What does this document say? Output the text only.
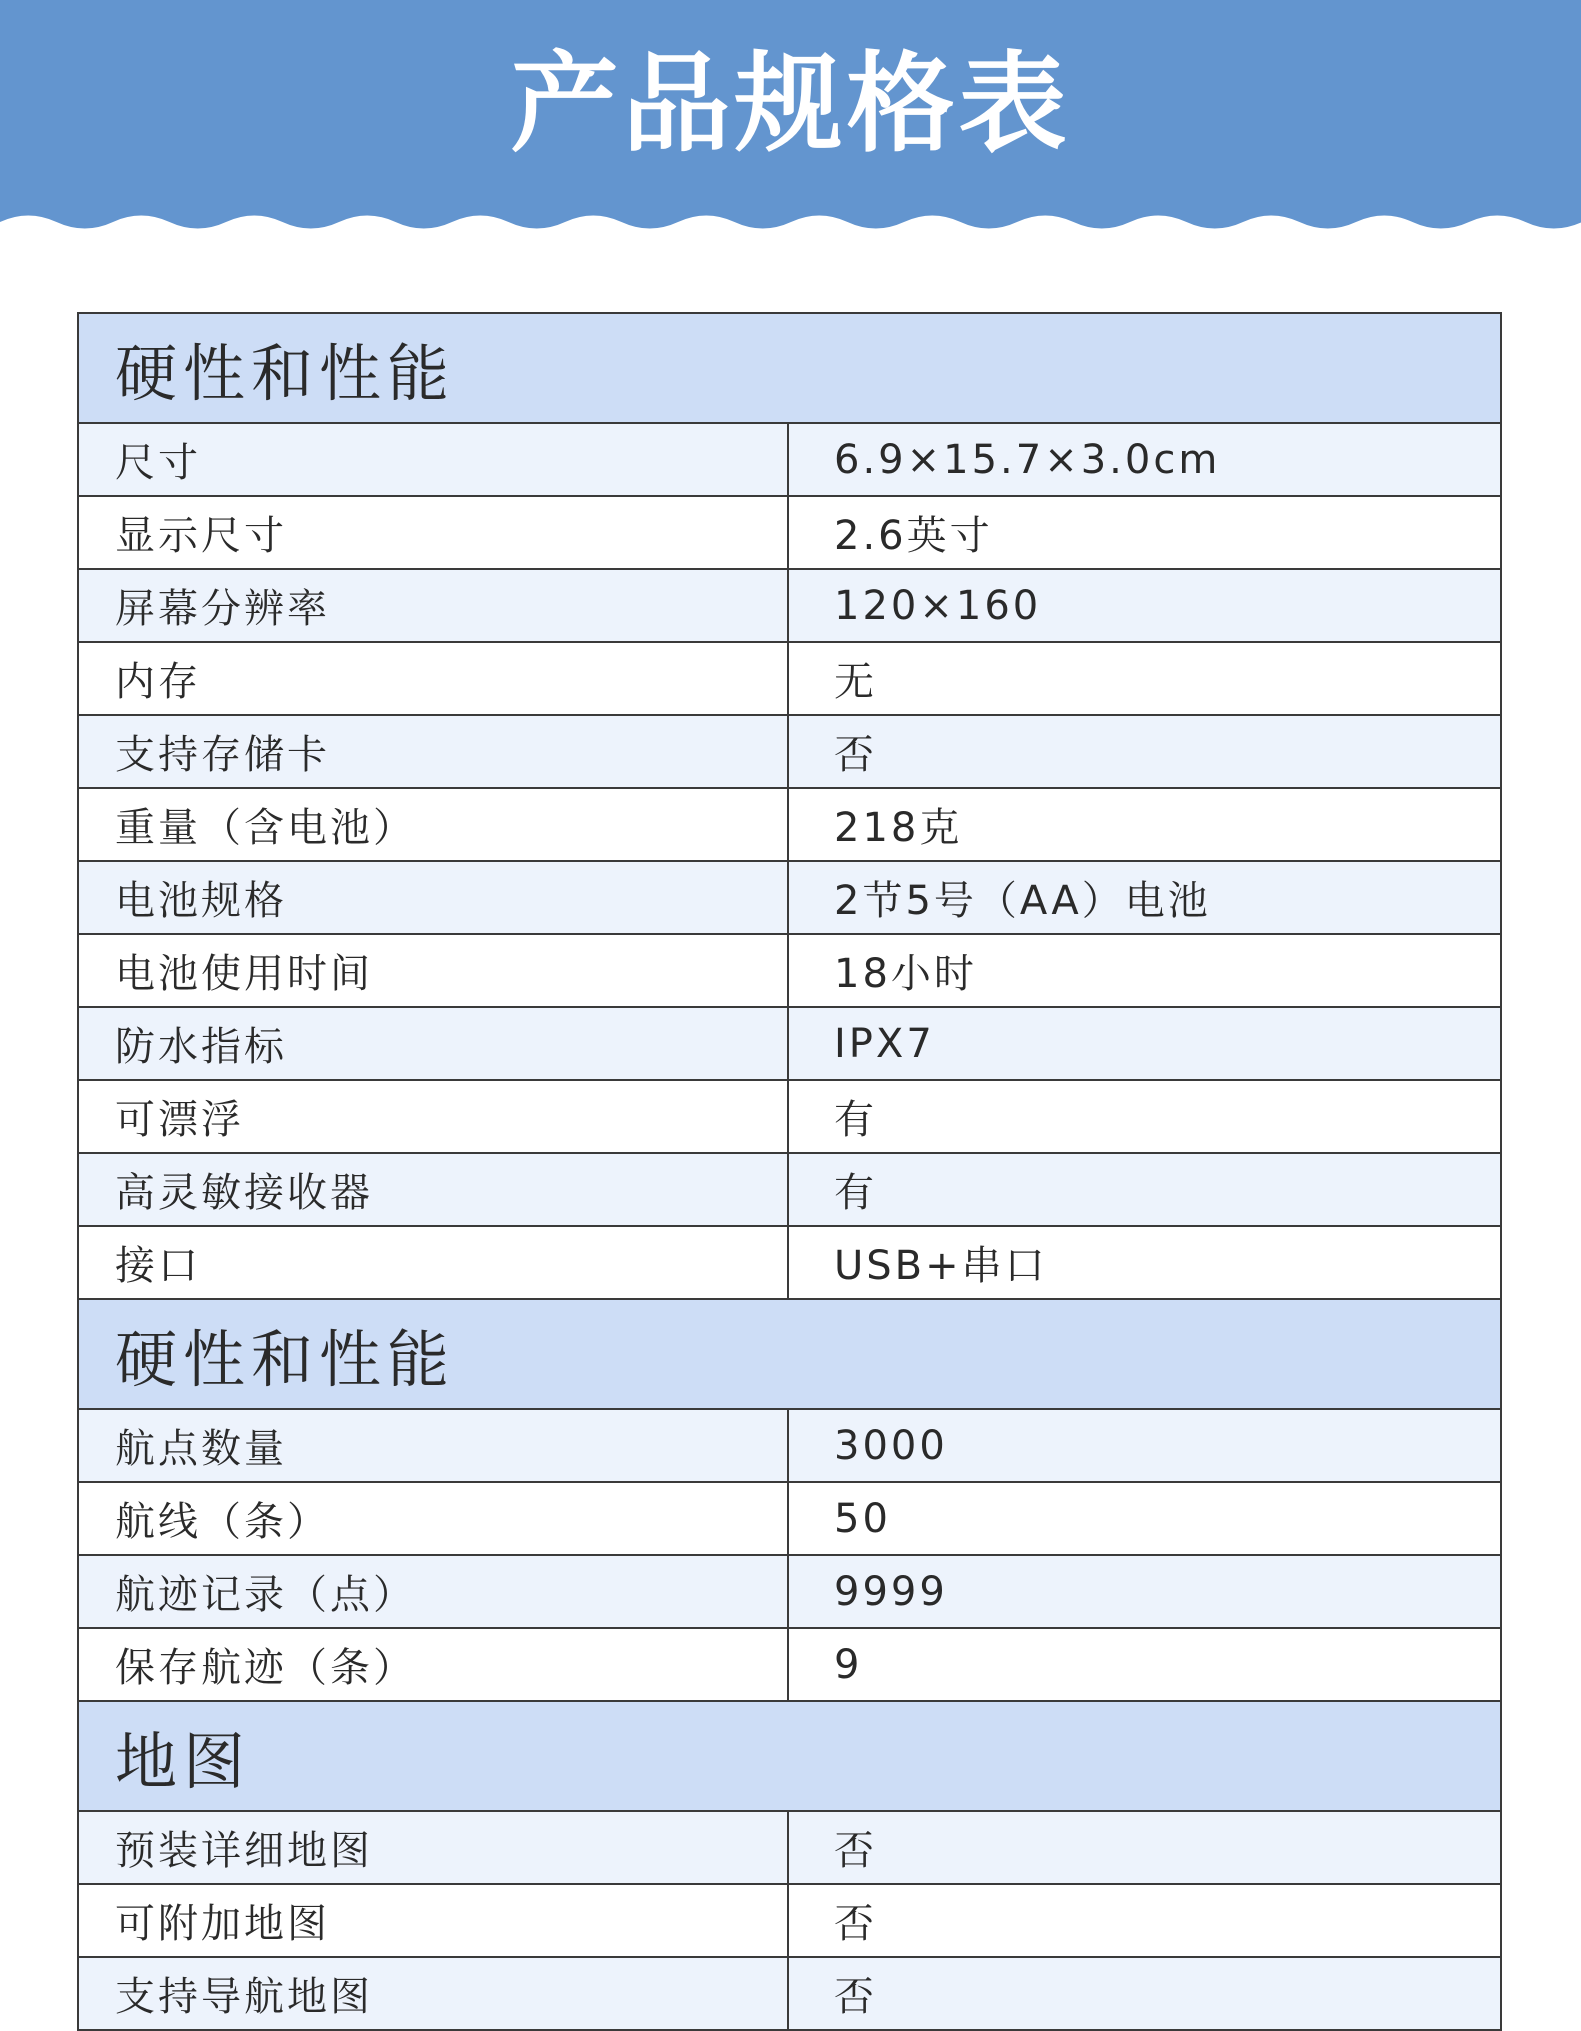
产品规格表
硬性和性能	
尺寸	6.9×15.7×3.0cm
显示尺寸	2.6英寸
屏幕分辨率	120×160
内存	无
支持存储卡	否
重量（含电池）	218克
电池规格	2节5号（AA）电池
电池使用时间	18小时
防水指标	IPX7
可漂浮	有
高灵敏接收器	有
接口	USB+串口
硬性和性能	
航点数量	3000
航线（条）	50
航迹记录（点）	9999
保存航迹（条）	9
地图	
预装详细地图	否
可附加地图	否
支持导航地图	否
